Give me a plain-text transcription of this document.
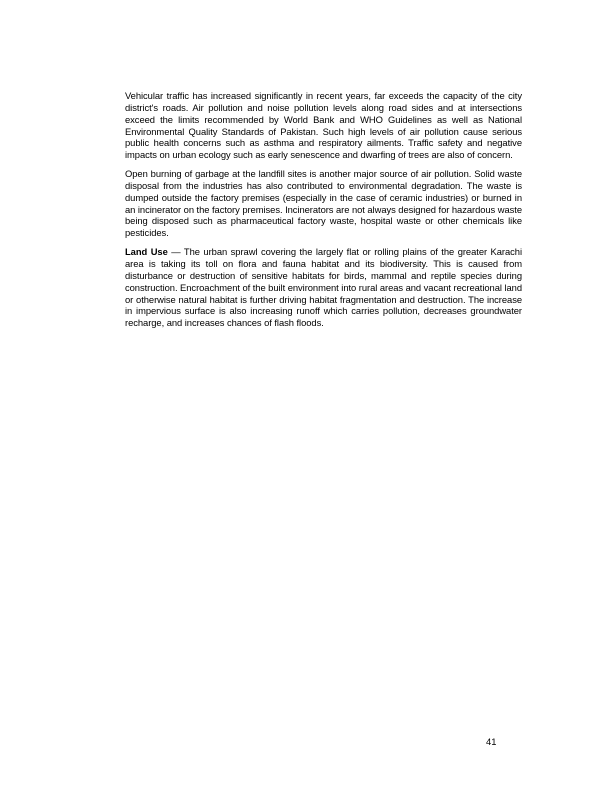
Vehicular traffic has increased significantly in recent years, far exceeds the capacity of the city district's roads. Air pollution and noise pollution levels along road sides and at intersections exceed the limits recommended by World Bank and WHO Guidelines as well as National Environmental Quality Standards of Pakistan. Such high levels of air pollution cause serious public health concerns such as asthma and respiratory ailments. Traffic safety and negative impacts on urban ecology such as early senescence and dwarfing of trees are also of concern.

Open burning of garbage at the landfill sites is another major source of air pollution. Solid waste disposal from the industries has also contributed to environmental degradation. The waste is dumped outside the factory premises (especially in the case of ceramic industries) or burned in an incinerator on the factory premises. Incinerators are not always designed for hazardous waste being disposed such as pharmaceutical factory waste, hospital waste or other chemicals like pesticides.

Land Use — The urban sprawl covering the largely flat or rolling plains of the greater Karachi area is taking its toll on flora and fauna habitat and its biodiversity. This is caused from disturbance or destruction of sensitive habitats for birds, mammal and reptile species during construction. Encroachment of the built environment into rural areas and vacant recreational land or otherwise natural habitat is further driving habitat fragmentation and destruction. The increase in impervious surface is also increasing runoff which carries pollution, decreases groundwater recharge, and increases chances of flash floods.

41
